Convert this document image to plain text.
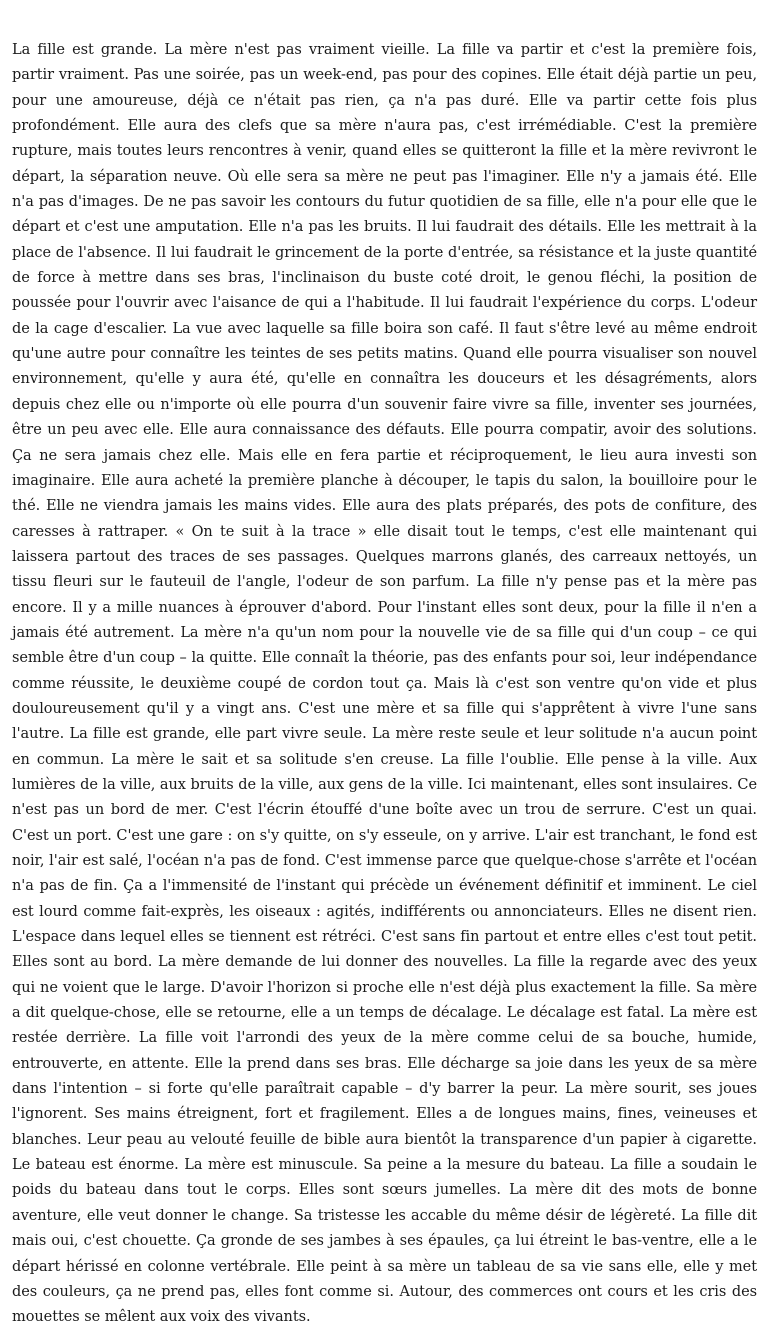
La fille est grande. La mère n'est pas vraiment vieille. La fille va partir et c'est la première fois, partir vraiment. Pas une soirée, pas un week-end, pas pour des copines. Elle était déjà partie un peu, pour une amoureuse, déjà ce n'était pas rien, ça n'a pas duré. Elle va partir cette fois plus profondément. Elle aura des clefs que sa mère n'aura pas, c'est irrémédiable. C'est la première rupture, mais toutes leurs rencontres à venir, quand elles se quitteront la fille et la mère revivront le départ, la séparation neuve. Où elle sera sa mère ne peut pas l'imaginer. Elle n'y a jamais été. Elle n'a pas d'images. De ne pas savoir les contours du futur quotidien de sa fille, elle n'a pour elle que le départ et c'est une amputation. Elle n'a pas les bruits. Il lui faudrait des détails. Elle les mettrait à la place de l'absence. Il lui faudrait le grincement de la porte d'entrée, sa résistance et la juste quantité de force à mettre dans ses bras, l'inclinaison du buste coté droit, le genou fléchi, la position de poussée pour l'ouvrir avec l'aisance de qui a l'habitude. Il lui faudrait l'expérience du corps. L'odeur de la cage d'escalier. La vue avec laquelle sa fille boira son café. Il faut s'être levé au même endroit qu'une autre pour connaître les teintes de ses petits matins. Quand elle pourra visualiser son nouvel environnement, qu'elle y aura été, qu'elle en connaîtra les douceurs et les désagréments, alors depuis chez elle ou n'importe où elle pourra d'un souvenir faire vivre sa fille, inventer ses journées, être un peu avec elle. Elle aura connaissance des défauts. Elle pourra compatir, avoir des solutions. Ça ne sera jamais chez elle. Mais elle en fera partie et réciproquement, le lieu aura investi son imaginaire. Elle aura acheté la première planche à découper, le tapis du salon, la bouilloire pour le thé. Elle ne viendra jamais les mains vides. Elle aura des plats préparés, des pots de confiture, des caresses à rattraper. « On te suit à la trace » elle disait tout le temps, c'est elle maintenant qui laissera partout des traces de ses passages. Quelques marrons glanés, des carreaux nettoyés, un tissu fleuri sur le fauteuil de l'angle, l'odeur de son parfum. La fille n'y pense pas et la mère pas encore. Il y a mille nuances à éprouver d'abord. Pour l'instant elles sont deux, pour la fille il n'en a jamais été autrement. La mère n'a qu'un nom pour la nouvelle vie de sa fille qui d'un coup – ce qui semble être d'un coup – la quitte. Elle connaît la théorie, pas des enfants pour soi, leur indépendance comme réussite, le deuxième coupé de cordon tout ça. Mais là c'est son ventre qu'on vide et plus douloureusement qu'il y a vingt ans. C'est une mère et sa fille qui s'apprêtent à vivre l'une sans l'autre. La fille est grande, elle part vivre seule. La mère reste seule et leur solitude n'a aucun point en commun. La mère le sait et sa solitude s'en creuse. La fille l'oublie. Elle pense à la ville. Aux lumières de la ville, aux bruits de la ville, aux gens de la ville. Ici maintenant, elles sont insulaires. Ce n'est pas un bord de mer. C'est l'écrin étouffé d'une boîte avec un trou de serrure. C'est un quai. C'est un port. C'est une gare : on s'y quitte, on s'y esseule, on y arrive. L'air est tranchant, le fond est noir, l'air est salé, l'océan n'a pas de fond. C'est immense parce que quelque-chose s'arrête et l'océan n'a pas de fin. Ça a l'immensité de l'instant qui précède un événement définitif et imminent. Le ciel est lourd comme fait-exprès, les oiseaux : agités, indifférents ou annonciateurs. Elles ne disent rien. L'espace dans lequel elles se tiennent est rétréci. C'est sans fin partout et entre elles c'est tout petit. Elles sont au bord. La mère demande de lui donner des nouvelles. La fille la regarde avec des yeux qui ne voient que le large. D'avoir l'horizon si proche elle n'est déjà plus exactement la fille. Sa mère a dit quelque-chose, elle se retourne, elle a un temps de décalage. Le décalage est fatal. La mère est restée derrière. La fille voit l'arrondi des yeux de la mère comme celui de sa bouche, humide, entrouverte, en attente. Elle la prend dans ses bras. Elle décharge sa joie dans les yeux de sa mère dans l'intention – si forte qu'elle paraîtrait capable – d'y barrer la peur. La mère sourit, ses joues l'ignorent. Ses mains étreignent, fort et fragilement. Elles a de longues mains, fines, veineuses et blanches. Leur peau au velouté feuille de bible aura bientôt la transparence d'un papier à cigarette. Le bateau est énorme. La mère est minuscule. Sa peine a la mesure du bateau. La fille a soudain le poids du bateau dans tout le corps. Elles sont sœurs jumelles. La mère dit des mots de bonne aventure, elle veut donner le change. Sa tristesse les accable du même désir de légèreté. La fille dit mais oui, c'est chouette. Ça gronde de ses jambes à ses épaules, ça lui étreint le bas-ventre, elle a le départ hérissé en colonne vertébrale. Elle peint à sa mère un tableau de sa vie sans elle, elle y met des couleurs, ça ne prend pas, elles font comme si. Autour, des commerces ont cours et les cris des mouettes se mêlent aux voix des vivants.
